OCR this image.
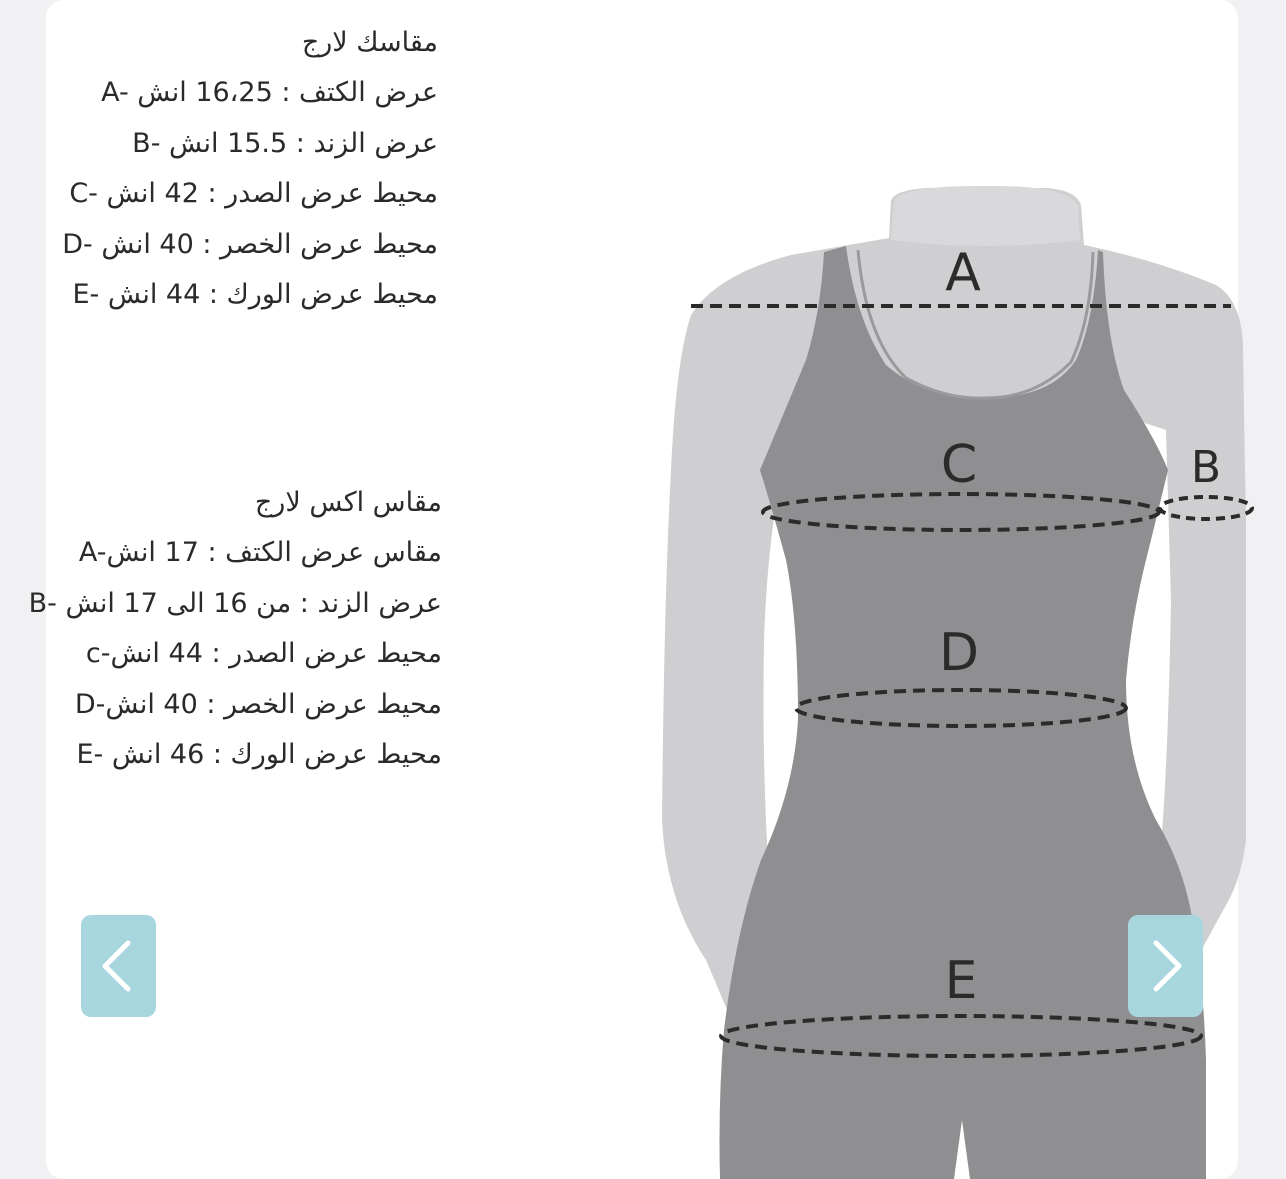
مقاسك لارج
A- عرض الكتف : 16،25 انش
B- عرض الزند : 15.5 انش
C- محيط عرض الصدر : 42 انش
D- محيط عرض الخصر : 40 انش
E- محيط عرض الورك : 44 انش
مقاس اكس لارج
A-مقاس عرض الكتف : 17 انش
B- عرض الزند : من 16 الى 17 انش
c-محيط عرض الصدر : 44 انش
D-محيط عرض الخصر : 40 انش
E- محيط عرض الورك : 46 انش
A
C	B
D
E
